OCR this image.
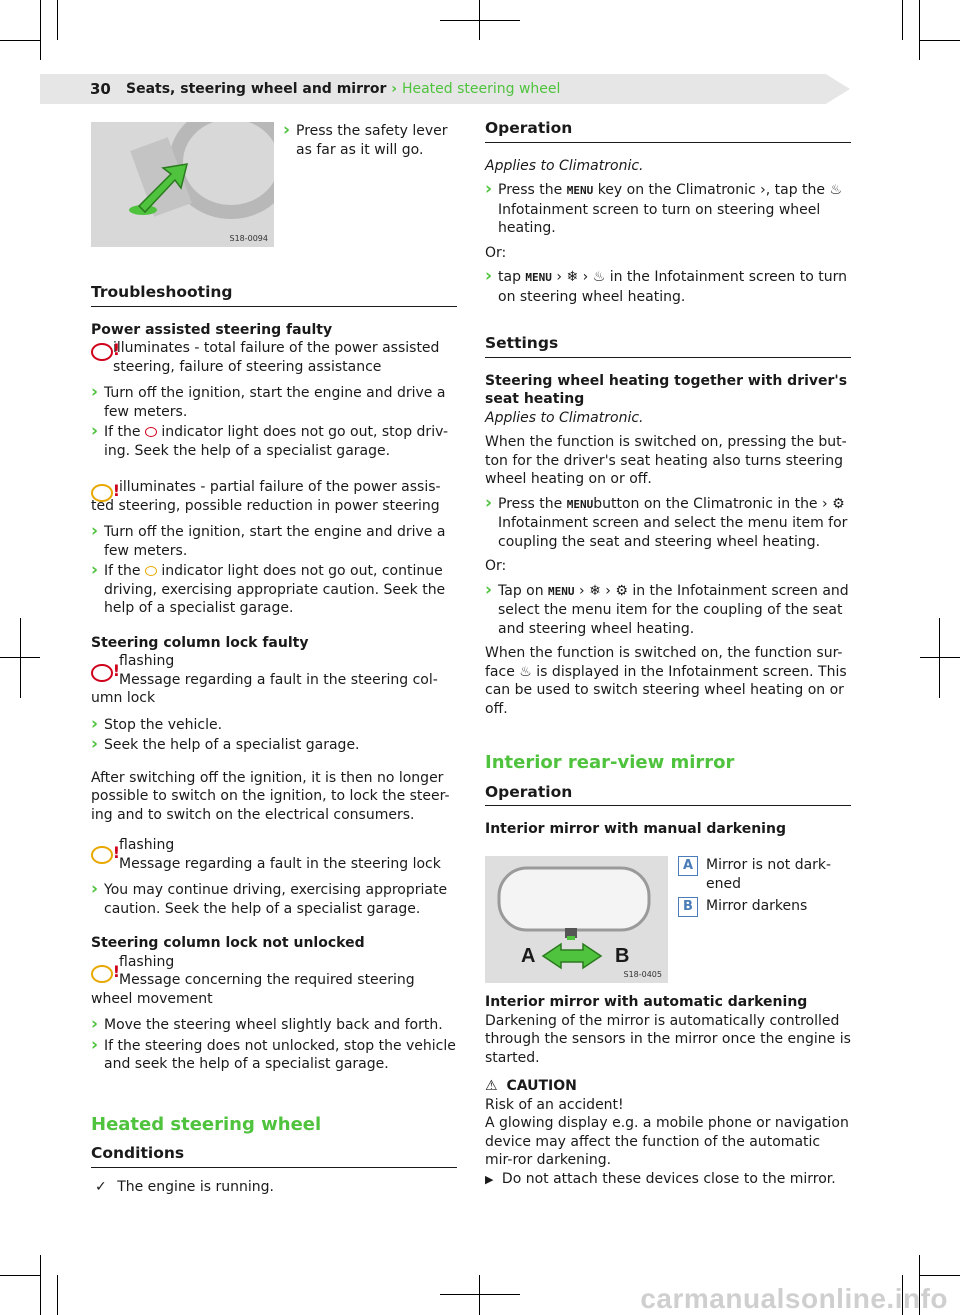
30 Seats, steering wheel and mirror › Heated steering wheel
S18-0094
› Press the safety lever as far as it will go.
Troubleshooting
Power assisted steering faulty
!
illuminates - total failure of the power assisted steering, failure of steering assistance
› Turn off the ignition, start the engine and drive a few meters.
› If the indicator light does not go out, stop driv-ing. Seek the help of a specialist garage.
!
illuminates - partial failure of the power assis-ted steering, possible reduction in power steering
› Turn off the ignition, start the engine and drive a few meters.
› If the indicator light does not go out, continue driving, exercising appropriate caution. Seek the help of a specialist garage.
Steering column lock faulty
!
flashing
Message regarding a fault in the steering col-umn lock
› Stop the vehicle.
› Seek the help of a specialist garage.
After switching off the ignition, it is then no longer possible to switch on the ignition, to lock the steer-ing and to switch on the electrical consumers.
!
flashing
Message regarding a fault in the steering lock
› You may continue driving, exercising appropriate caution. Seek the help of a specialist garage.
Steering column lock not unlocked
!
flashing
Message concerning the required steering wheel movement
› Move the steering wheel slightly back and forth.
› If the steering does not unlocked, stop the vehicle and seek the help of a specialist garage.
Heated steering wheel
Conditions
✓ The engine is running.
Operation
Applies to Climatronic.
› Press the MENU key on the Climatronic ›, tap the ♨ Infotainment screen to turn on steering wheel heating.
Or:
› tap MENU › ❄ › ♨ in the Infotainment screen to turn on steering wheel heating.
Settings
Steering wheel heating together with driver's seat heating
Applies to Climatronic.
When the function is switched on, pressing the but-ton for the driver's seat heating also turns steering wheel heating on or off.
› Press the MENUbutton on the Climatronic in the › ⚙ Infotainment screen and select the menu item for coupling the seat and steering wheel heating.
Or:
› Tap on MENU › ❄ › ⚙ in the Infotainment screen and select the menu item for the coupling of the seat and steering wheel heating.
When the function is switched on, the function sur-face ♨ is displayed in the Infotainment screen. This can be used to switch steering wheel heating on or off.
Interior rear-view mirror
Operation
Interior mirror with manual darkening
A	B
S18-0405
A Mirror is not dark-ened
B Mirror darkens
Interior mirror with automatic darkening
Darkening of the mirror is automatically controlled through the sensors in the mirror once the engine is started.
⚠ CAUTION
Risk of an accident!
A glowing display e.g. a mobile phone or navigation device may affect the function of the automatic mir-ror darkening.
▶ Do not attach these devices close to the mirror.
carmanualsonline.info
